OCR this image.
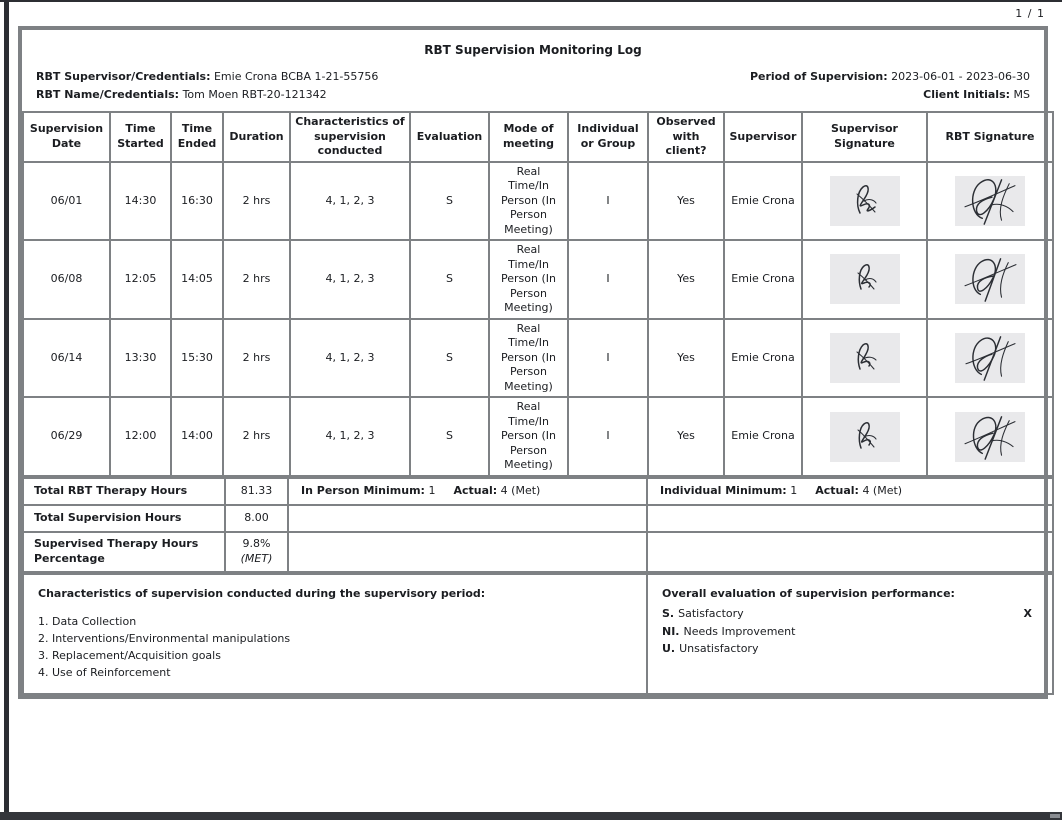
1 / 1
RBT Supervision Monitoring Log
RBT Supervisor/Credentials: Emie Crona BCBA 1-21-55756
RBT Name/Credentials: Tom Moen RBT-20-121342
Period of Supervision: 2023-06-01 - 2023-06-30
Client Initials: MS
Supervision Date	Time Started	Time Ended	Duration	Characteristics of supervision conducted	Evaluation	Mode of meeting	Individual or Group	Observed with client?	Supervisor	Supervisor Signature	RBT Signature
06/01	14:30	16:30	2 hrs	4, 1, 2, 3	S	Real Time/In Person (In Person Meeting)	I	Yes	Emie Crona		
06/08	12:05	14:05	2 hrs	4, 1, 2, 3	S	Real Time/In Person (In Person Meeting)	I	Yes	Emie Crona		
06/14	13:30	15:30	2 hrs	4, 1, 2, 3	S	Real Time/In Person (In Person Meeting)	I	Yes	Emie Crona		
06/29	12:00	14:00	2 hrs	4, 1, 2, 3	S	Real Time/In Person (In Person Meeting)	I	Yes	Emie Crona		
Total RBT Therapy Hours	81.33	In Person Minimum: 1 Actual: 4 (Met)	Individual Minimum: 1 Actual: 4 (Met)
Total Supervision Hours	8.00		
Supervised Therapy Hours Percentage	9.8%
(MET)		

Characteristics of supervision conducted during the supervisory period:
1. Data Collection
2. Interventions/Environmental manipulations
3. Replacement/Acquisition goals
4. Use of Reinforcement

Overall evaluation of supervision performance:
S. Satisfactory	X
NI. Needs Improvement
U. Unsatisfactory
